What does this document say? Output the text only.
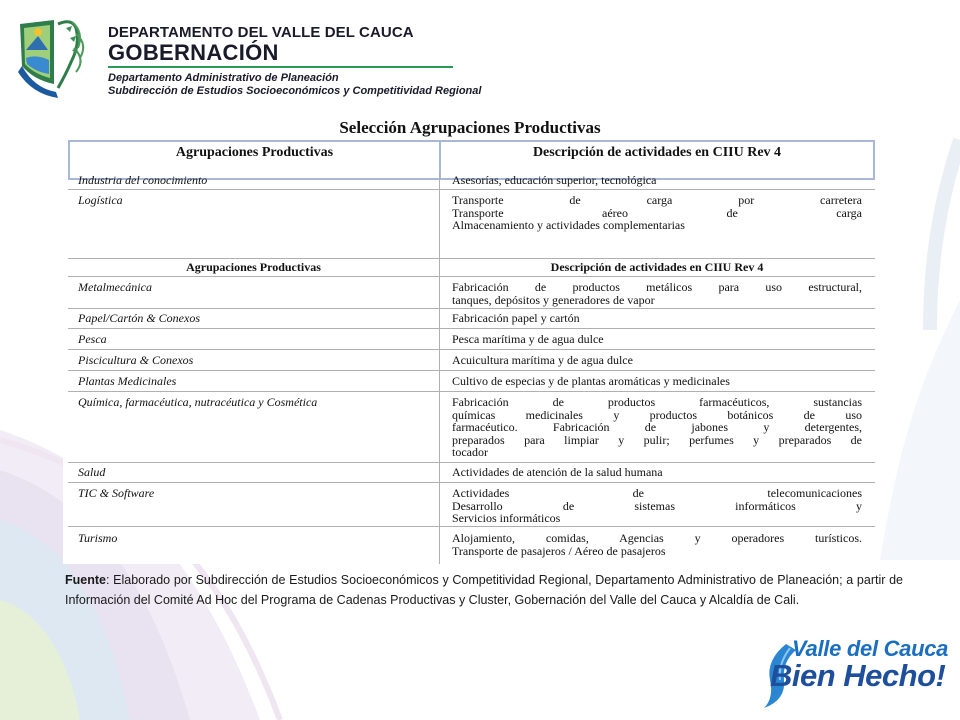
DEPARTAMENTO DEL VALLE DEL CAUCA
GOBERNACIÓN
Departamento Administrativo de Planeación
Subdirección de Estudios Socioeconómicos y Competitividad Regional
Selección Agrupaciones Productivas
Agrupaciones Productivas	Descripción de actividades en CIIU Rev 4
Industria del conocimiento	Asesorías, educación superior, tecnológica
Logística	Transporte de carga por carretera
Transporte aéreo de carga
Almacenamiento y actividades complementarias
Agrupaciones Productivas	Descripción de actividades en CIIU Rev 4
Metalmecánica	Fabricación de productos metálicos para uso estructural,
tanques, depósitos y generadores de vapor
Papel/Cartón & Conexos	Fabricación papel y cartón
Pesca	Pesca marítima y de agua dulce
Piscicultura & Conexos	Acuicultura marítima y de agua dulce
Plantas Medicinales	Cultivo de especias y de plantas aromáticas y medicinales
Química, farmacéutica, nutracéutica y Cosmética	Fabricación de productos farmacéuticos, sustancias
químicas medicinales y productos botánicos de uso
farmacéutico. Fabricación de jabones y detergentes,
preparados para limpiar y pulir; perfumes y preparados de
tocador
Salud	Actividades de atención de la salud humana
TIC & Software	Actividades de telecomunicaciones
Desarrollo de sistemas informáticos y
Servicios informáticos
Turismo	Alojamiento, comidas, Agencias y operadores turísticos.
Transporte de pasajeros / Aéreo de pasajeros
Fuente: Elaborado por Subdirección de Estudios Socioeconómicos y Competitividad Regional, Departamento Administrativo de Planeación; a partir de Información del Comité Ad Hoc del Programa de Cadenas Productivas y Cluster, Gobernación del Valle del Cauca y Alcaldía de Cali.
Valle del Cauca
Bien Hecho!
